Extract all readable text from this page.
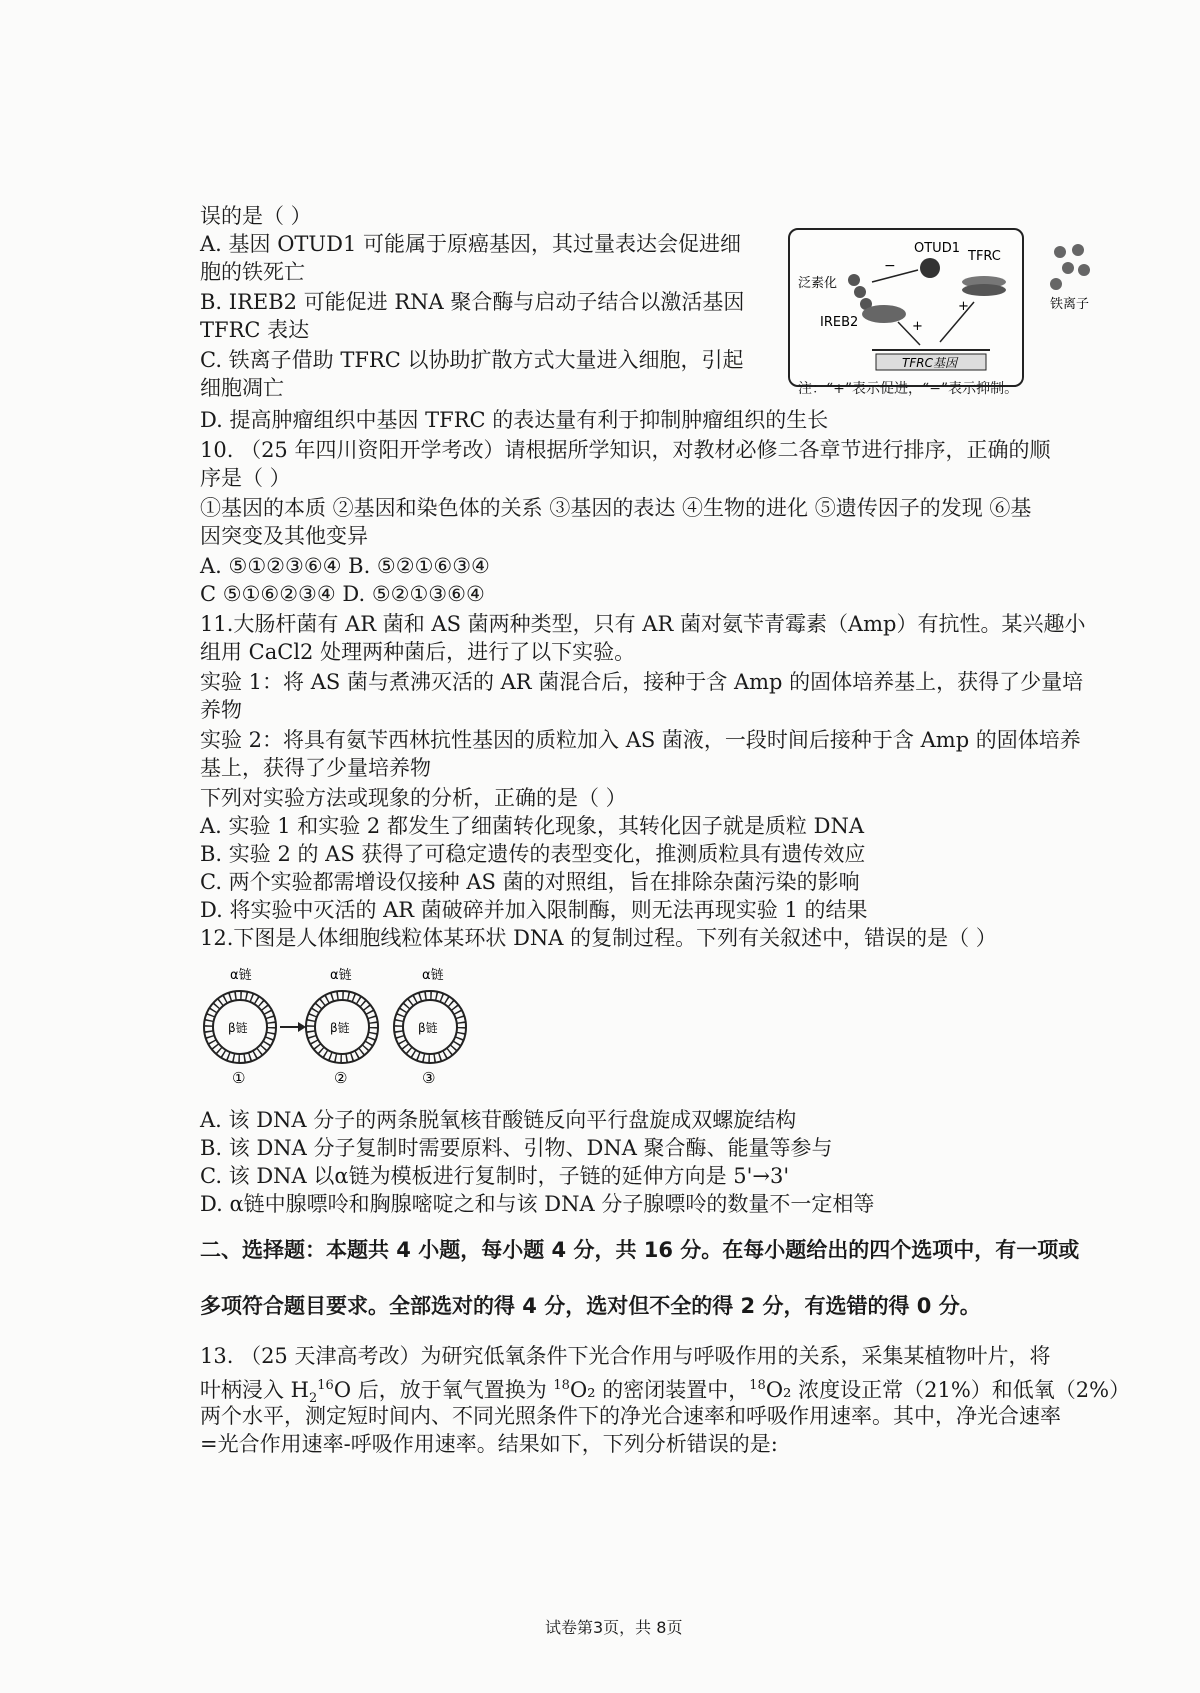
误的是（ ）
A. 基因 OTUD1 可能属于原癌基因，其过量表达会促进细
胞的铁死亡
B. IREB2 可能促进 RNA 聚合酶与启动子结合以激活基因
TFRC 表达
C. 铁离子借助 TFRC 以协助扩散方式大量进入细胞，引起
细胞凋亡
D. 提高肿瘤组织中基因 TFRC 的表达量有利于抑制肿瘤组织的生长
OTUD1
−
泛素化
IREB2	+
+
TFRC
TFRC基因
铁离子
注：“+”表示促进，“−”表示抑制。
10. （25 年四川资阳开学考改）请根据所学知识，对教材必修二各章节进行排序，正确的顺
序是（ ）
①基因的本质 ②基因和染色体的关系 ③基因的表达 ④生物的进化 ⑤遗传因子的发现 ⑥基
因突变及其他变异
A. ⑤①②③⑥④ B. ⑤②①⑥③④
C ⑤①⑥②③④ D. ⑤②①③⑥④
11.大肠杆菌有 AR 菌和 AS 菌两种类型，只有 AR 菌对氨苄青霉素（Amp）有抗性。某兴趣小
组用 CaCl2 处理两种菌后，进行了以下实验。
实验 1：将 AS 菌与煮沸灭活的 AR 菌混合后，接种于含 Amp 的固体培养基上，获得了少量培
养物
实验 2：将具有氨苄西林抗性基因的质粒加入 AS 菌液，一段时间后接种于含 Amp 的固体培养
基上，获得了少量培养物
下列对实验方法或现象的分析，正确的是（ ）
A. 实验 1 和实验 2 都发生了细菌转化现象，其转化因子就是质粒 DNA
B. 实验 2 的 AS 获得了可稳定遗传的表型变化，推测质粒具有遗传效应
C. 两个实验都需增设仅接种 AS 菌的对照组，旨在排除杂菌污染的影响
D. 将实验中灭活的 AR 菌破碎并加入限制酶，则无法再现实验 1 的结果
12.下图是人体细胞线粒体某环状 DNA 的复制过程。下列有关叙述中，错误的是（ ）
α链
β链
①
α链
β链
②
α链
β链
③
A. 该 DNA 分子的两条脱氧核苷酸链反向平行盘旋成双螺旋结构
B. 该 DNA 分子复制时需要原料、引物、DNA 聚合酶、能量等参与
C. 该 DNA 以α链为模板进行复制时，子链的延伸方向是 5'→3'
D. α链中腺嘌呤和胸腺嘧啶之和与该 DNA 分子腺嘌呤的数量不一定相等
二、选择题：本题共 4 小题，每小题 4 分，共 16 分。在每小题给出的四个选项中，有一项或
多项符合题目要求。全部选对的得 4 分，选对但不全的得 2 分，有选错的得 0 分。
13. （25 天津高考改）为研究低氧条件下光合作用与呼吸作用的关系，采集某植物叶片，将
叶柄浸入 $H_2^{16}O$ 后，放于氧气置换为 $^{18}$O₂ 的密闭装置中，$^{18}$O₂ 浓度设正常（21%）和低氧（2%）
两个水平，测定短时间内、不同光照条件下的净光合速率和呼吸作用速率。其中，净光合速率
=光合作用速率-呼吸作用速率。结果如下，下列分析错误的是:
试卷第3页，共 8页
